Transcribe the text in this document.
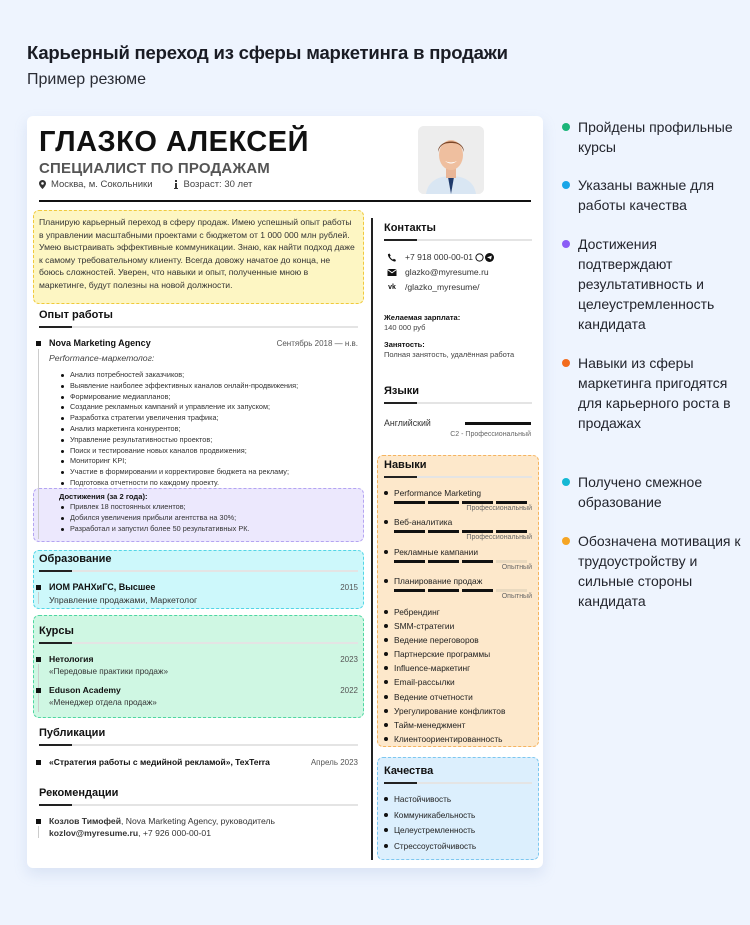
Карьерный переход из сферы маркетинга в продажи
Пример резюме
ГЛАЗКО АЛЕКСЕЙ
СПЕЦИАЛИСТ ПО ПРОДАЖАМ
Москва, м. Сокольники	Возраст: 30 лет
Планирую карьерный переход в сферу продаж. Имею успешный опыт работы в управлении масштабными проектами с бюджетом от 1 000 000 млн рублей. Умею выстраивать эффективные коммуникации. Знаю, как найти подход даже к самому требовательному клиенту. Всегда довожу начатое до конца, не боюсь сложностей. Уверен, что навыки и опыт, полученные мною в маркетинге, будут полезны на новой должности.
Опыт работы
Nova Marketing Agency	Сентябрь 2018 — н.в.
Performance-маркетолог:
Анализ потребностей заказчиков;
Выявление наиболее эффективных каналов онлайн-продвижения;
Формирование медиапланов;
Создание рекламных кампаний и управление их запуском;
Разработка стратегии увеличения трафика;
Анализ маркетинга конкурентов;
Управление результативностью проектов;
Поиск и тестирование новых каналов продвижения;
Мониторинг KPI;
Участие в формировании и корректировке бюджета на рекламу;
Подготовка отчетности по каждому проекту.
Достижения (за 2 года):
Привлек 18 постоянных клиентов;
Добился увеличения прибыли агентства на 30%;
Разработал и запустил более 50 результативных РК.
Образование
ИОМ РАНХиГС, Высшее	2015
Управление продажами, Маркетолог
Курсы
Нетология	2023
«Передовые практики продаж»
Eduson Academy	2022
«Менеджер отдела продаж»
Публикации
«Стратегия работы с медийной рекламой», TexTerra	Апрель 2023
Рекомендации
Козлов Тимофей, Nova Marketing Agency, руководитель
kozlov@myresume.ru, +7 926 000-00-01
Контакты
+7 918 000-00-01
glazko@myresume.ru
vk /glazko_myresume/
Желаемая зарплата:
140 000 руб
Занятость:
Полная занятость, удалённая работа
Языки
Английский
C2 - Профессиональный
Навыки
Performance Marketing
Профессиональный
Веб-аналитика
Профессиональный
Рекламные кампании
Опытный
Планирование продаж
Опытный
Ребрендинг
SMM-стратегии
Ведение переговоров
Партнерские программы
Influence-маркетинг
Email-рассылки
Ведение отчетности
Урегулирование конфликтов
Тайм-менеджмент
Клиентоориентированность
Качества
Настойчивость
Коммуникабельность
Целеустремленность
Стрессоустойчивость
Пройдены профильные курсы
Указаны важные для работы качества
Достижения подтверждают результативность и целеустремленность кандидата
Навыки из сферы маркетинга пригодятся для карьерного роста в продажах
Получено смежное образование
Обозначена мотивация к трудоустройству и сильные стороны кандидата
